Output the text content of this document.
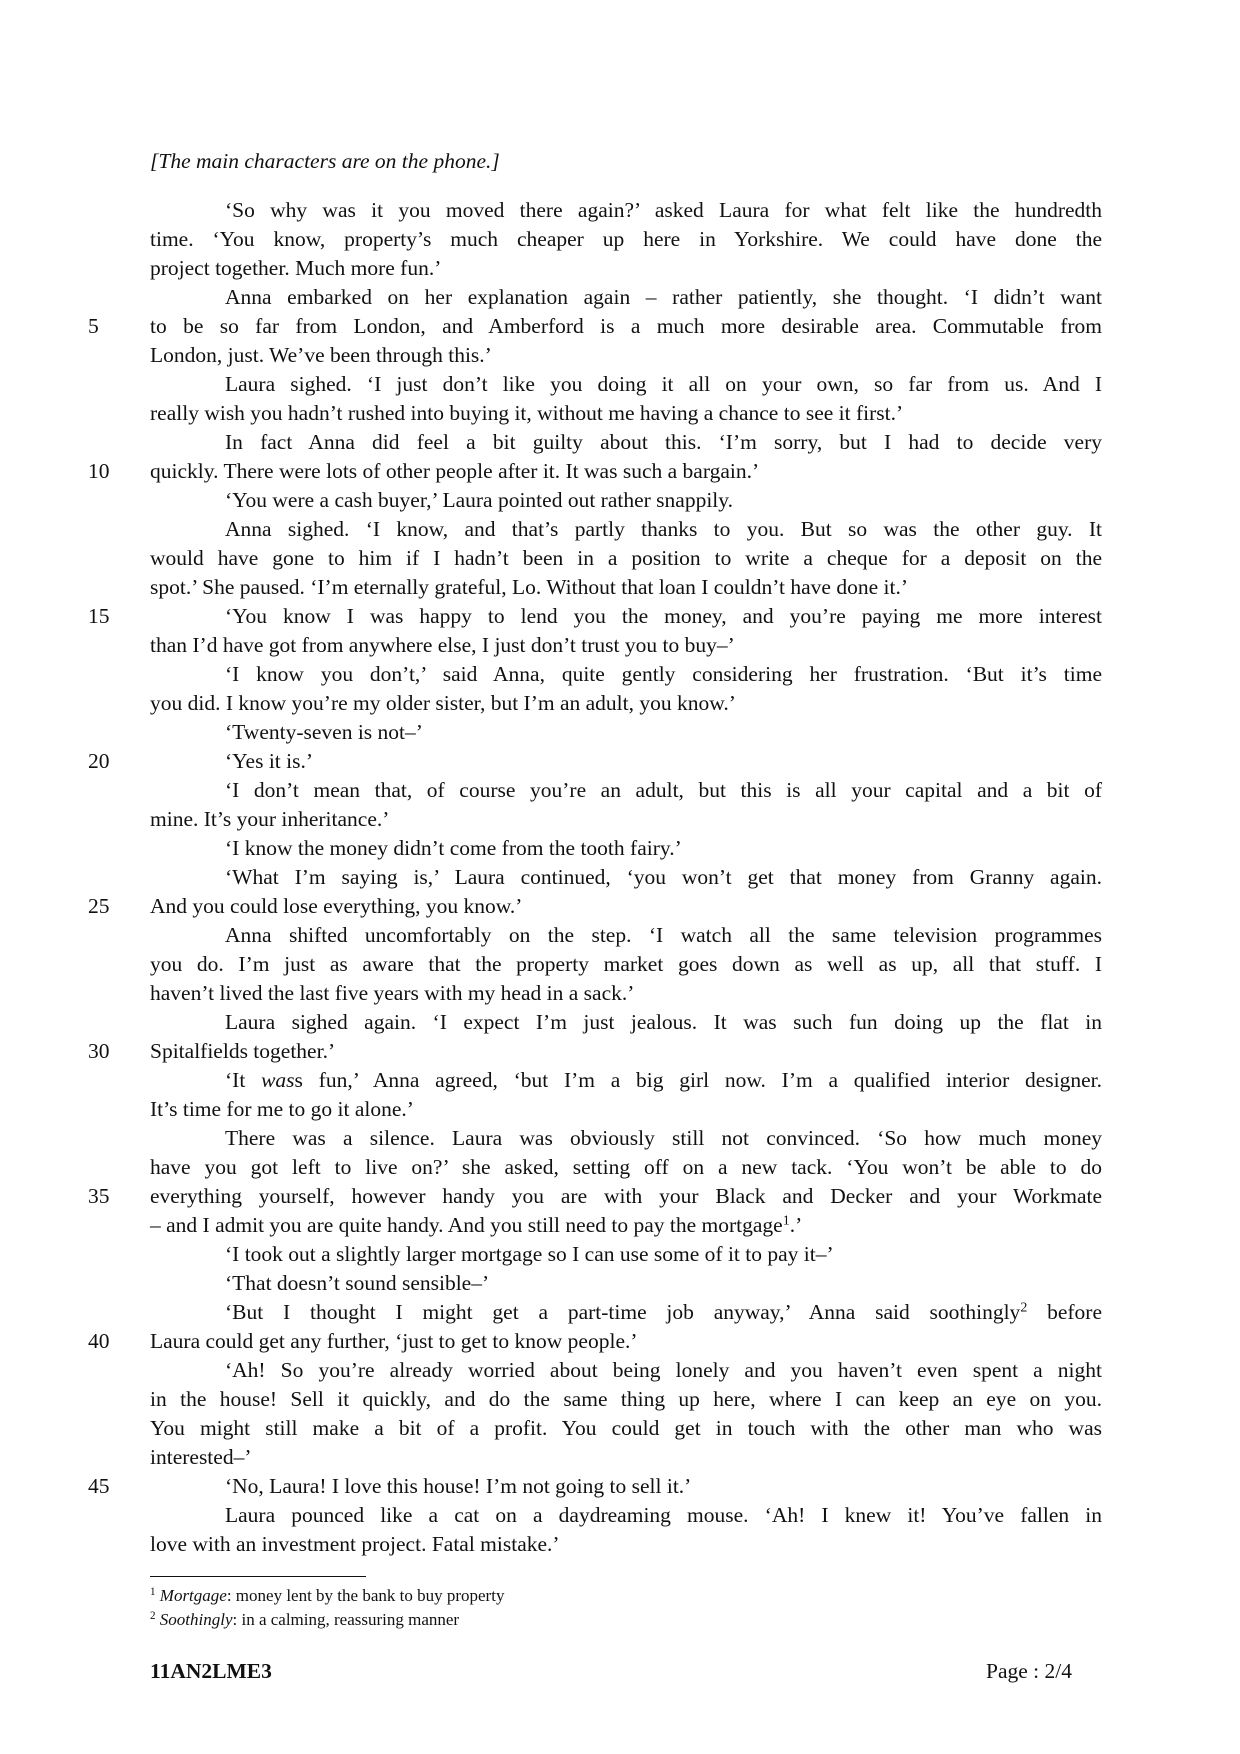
[The main characters are on the phone.]
‘So why was it you moved there again?’ asked Laura for what felt like the hundredth
time. ‘You know, property’s much cheaper up here in Yorkshire. We could have done the
project together. Much more fun.’
Anna embarked on her explanation again – rather patiently, she thought. ‘I didn’t want
5	to be so far from London, and Amberford is a much more desirable area. Commutable from
London, just. We’ve been through this.’
Laura sighed. ‘I just don’t like you doing it all on your own, so far from us. And I
really wish you hadn’t rushed into buying it, without me having a chance to see it first.’
In fact Anna did feel a bit guilty about this. ‘I’m sorry, but I had to decide very
10	quickly. There were lots of other people after it. It was such a bargain.’
‘You were a cash buyer,’ Laura pointed out rather snappily.
Anna sighed. ‘I know, and that’s partly thanks to you. But so was the other guy. It
would have gone to him if I hadn’t been in a position to write a cheque for a deposit on the
spot.’ She paused. ‘I’m eternally grateful, Lo. Without that loan I couldn’t have done it.’
15	‘You know I was happy to lend you the money, and you’re paying me more interest
than I’d have got from anywhere else, I just don’t trust you to buy–’
‘I know you don’t,’ said Anna, quite gently considering her frustration. ‘But it’s time
you did. I know you’re my older sister, but I’m an adult, you know.’
‘Twenty-seven is not–’
20	‘Yes it is.’
‘I don’t mean that, of course you’re an adult, but this is all your capital and a bit of
mine. It’s your inheritance.’
‘I know the money didn’t come from the tooth fairy.’
‘What I’m saying is,’ Laura continued, ‘you won’t get that money from Granny again.
25	And you could lose everything, you know.’
Anna shifted uncomfortably on the step. ‘I watch all the same television programmes
you do. I’m just as aware that the property market goes down as well as up, all that stuff. I
haven’t lived the last five years with my head in a sack.’
Laura sighed again. ‘I expect I’m just jealous. It was such fun doing up the flat in
30	Spitalfields together.’
‘It wass fun,’ Anna agreed, ‘but I’m a big girl now. I’m a qualified interior designer.
It’s time for me to go it alone.’
There was a silence. Laura was obviously still not convinced. ‘So how much money
have you got left to live on?’ she asked, setting off on a new tack. ‘You won’t be able to do
35	everything yourself, however handy you are with your Black and Decker and your Workmate
– and I admit you are quite handy. And you still need to pay the mortgage$^1$.’
‘I took out a slightly larger mortgage so I can use some of it to pay it–’
‘That doesn’t sound sensible–’
‘But I thought I might get a part-time job anyway,’ Anna said soothingly$^2$ before
40	Laura could get any further, ‘just to get to know people.’
‘Ah! So you’re already worried about being lonely and you haven’t even spent a night
in the house! Sell it quickly, and do the same thing up here, where I can keep an eye on you.
You might still make a bit of a profit. You could get in touch with the other man who was
interested–’
45	‘No, Laura! I love this house! I’m not going to sell it.’
Laura pounced like a cat on a daydreaming mouse. ‘Ah! I knew it! You’ve fallen in
love with an investment project. Fatal mistake.’
$^1$ Mortgage: money lent by the bank to buy property
$^2$ Soothingly: in a calming, reassuring manner
11AN2LME3	Page : 2/4
